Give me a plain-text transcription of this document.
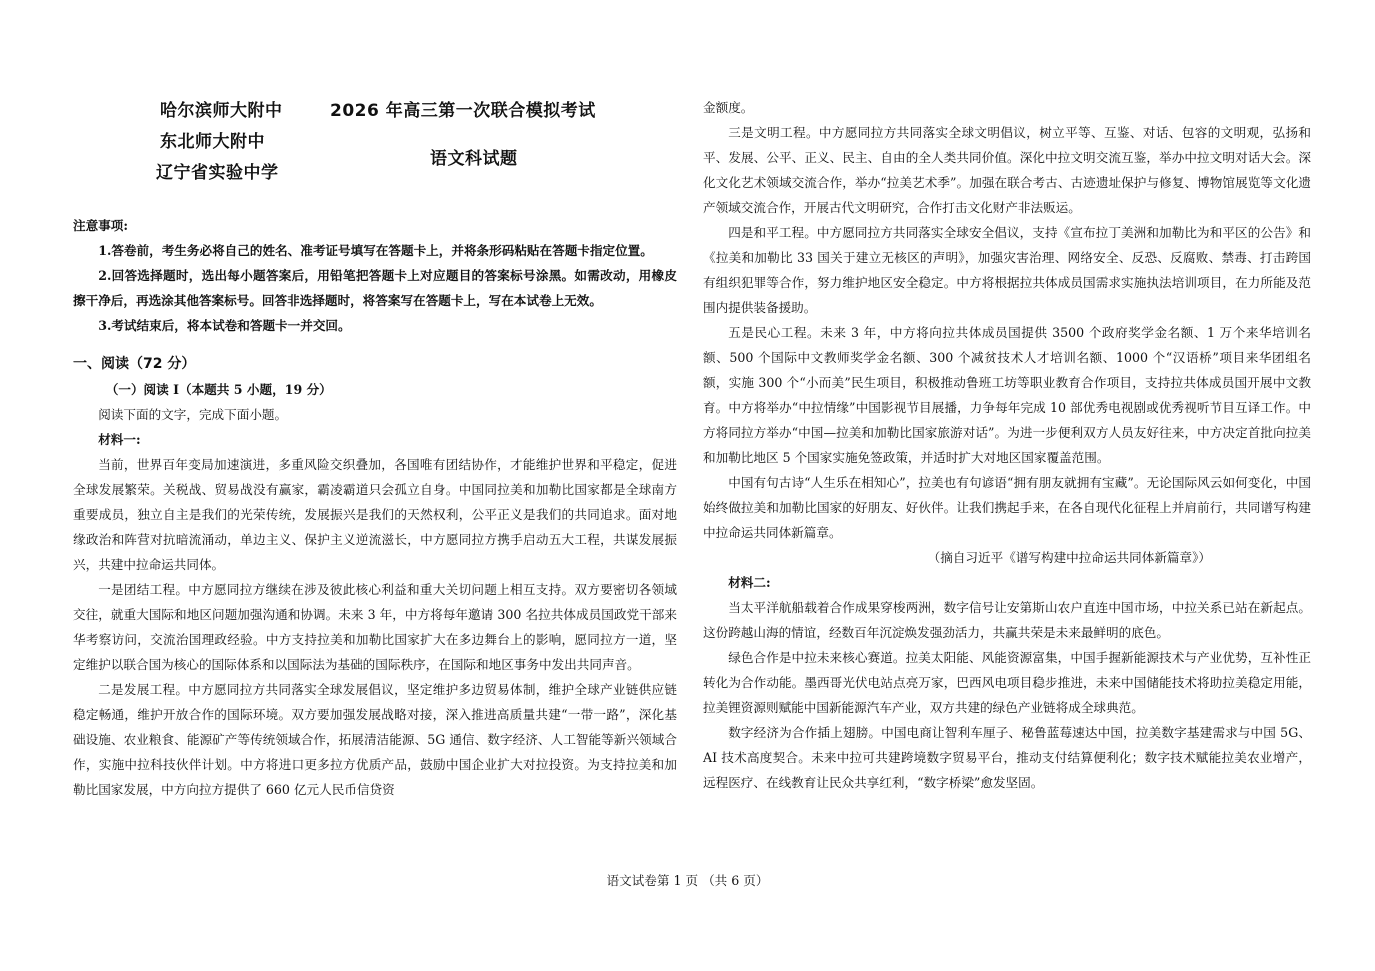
哈尔滨师大附中
东北师大附中
辽宁省实验中学
2026 年高三第一次联合模拟考试
语文科试题

注意事项:

1.答卷前，考生务必将自己的姓名、准考证号填写在答题卡上，并将条形码粘贴在答题卡指定位置。

2.回答选择题时，选出每小题答案后，用铅笔把答题卡上对应题目的答案标号涂黑。如需改动，用橡皮擦干净后，再选涂其他答案标号。回答非选择题时，将答案写在答题卡上，写在本试卷上无效。

3.考试结束后，将本试卷和答题卡一并交回。

一、阅读（72 分）

（一）阅读 I（本题共 5 小题，19 分）

阅读下面的文字，完成下面小题。

材料一:

当前，世界百年变局加速演进，多重风险交织叠加，各国唯有团结协作，才能维护世界和平稳定，促进全球发展繁荣。关税战、贸易战没有赢家，霸凌霸道只会孤立自身。中国同拉美和加勒比国家都是全球南方重要成员，独立自主是我们的光荣传统，发展振兴是我们的天然权利，公平正义是我们的共同追求。面对地缘政治和阵营对抗暗流涌动，单边主义、保护主义逆流滋长，中方愿同拉方携手启动五大工程，共谋发展振兴，共建中拉命运共同体。

一是团结工程。中方愿同拉方继续在涉及彼此核心利益和重大关切问题上相互支持。双方要密切各领域交往，就重大国际和地区问题加强沟通和协调。未来 3 年，中方将每年邀请 300 名拉共体成员国政党干部来华考察访问，交流治国理政经验。中方支持拉美和加勒比国家扩大在多边舞台上的影响，愿同拉方一道，坚定维护以联合国为核心的国际体系和以国际法为基础的国际秩序，在国际和地区事务中发出共同声音。

二是发展工程。中方愿同拉方共同落实全球发展倡议，坚定维护多边贸易体制，维护全球产业链供应链稳定畅通，维护开放合作的国际环境。双方要加强发展战略对接，深入推进高质量共建“一带一路”，深化基础设施、农业粮食、能源矿产等传统领域合作，拓展清洁能源、5G 通信、数字经济、人工智能等新兴领域合作，实施中拉科技伙伴计划。中方将进口更多拉方优质产品，鼓励中国企业扩大对拉投资。为支持拉美和加勒比国家发展，中方向拉方提供了 660 亿元人民币信贷资

金额度。

三是文明工程。中方愿同拉方共同落实全球文明倡议，树立平等、互鉴、对话、包容的文明观，弘扬和平、发展、公平、正义、民主、自由的全人类共同价值。深化中拉文明交流互鉴，举办中拉文明对话大会。深化文化艺术领域交流合作，举办“拉美艺术季”。加强在联合考古、古迹遗址保护与修复、博物馆展览等文化遗产领域交流合作，开展古代文明研究，合作打击文化财产非法贩运。

四是和平工程。中方愿同拉方共同落实全球安全倡议，支持《宣布拉丁美洲和加勒比为和平区的公告》和《拉美和加勒比 33 国关于建立无核区的声明》，加强灾害治理、网络安全、反恐、反腐败、禁毒、打击跨国有组织犯罪等合作，努力维护地区安全稳定。中方将根据拉共体成员国需求实施执法培训项目，在力所能及范围内提供装备援助。

五是民心工程。未来 3 年，中方将向拉共体成员国提供 3500 个政府奖学金名额、1 万个来华培训名额、500 个国际中文教师奖学金名额、300 个减贫技术人才培训名额、1000 个“汉语桥”项目来华团组名额，实施 300 个“小而美”民生项目，积极推动鲁班工坊等职业教育合作项目，支持拉共体成员国开展中文教育。中方将举办“中拉情缘”中国影视节目展播，力争每年完成 10 部优秀电视剧或优秀视听节目互译工作。中方将同拉方举办“中国—拉美和加勒比国家旅游对话”。为进一步便利双方人员友好往来，中方决定首批向拉美和加勒比地区 5 个国家实施免签政策，并适时扩大对地区国家覆盖范围。

中国有句古诗“人生乐在相知心”，拉美也有句谚语“拥有朋友就拥有宝藏”。无论国际风云如何变化，中国始终做拉美和加勒比国家的好朋友、好伙伴。让我们携起手来，在各自现代化征程上并肩前行，共同谱写构建中拉命运共同体新篇章。

（摘自习近平《谱写构建中拉命运共同体新篇章》）

材料二:

当太平洋航船载着合作成果穿梭两洲，数字信号让安第斯山农户直连中国市场，中拉关系已站在新起点。这份跨越山海的情谊，经数百年沉淀焕发强劲活力，共赢共荣是未来最鲜明的底色。

绿色合作是中拉未来核心赛道。拉美太阳能、风能资源富集，中国手握新能源技术与产业优势，互补性正转化为合作动能。墨西哥光伏电站点亮万家，巴西风电项目稳步推进，未来中国储能技术将助拉美稳定用能，拉美锂资源则赋能中国新能源汽车产业，双方共建的绿色产业链将成全球典范。

数字经济为合作插上翅膀。中国电商让智利车厘子、秘鲁蓝莓速达中国，拉美数字基建需求与中国 5G、AI 技术高度契合。未来中拉可共建跨境数字贸易平台，推动支付结算便利化；数字技术赋能拉美农业增产，远程医疗、在线教育让民众共享红利，“数字桥梁”愈发坚固。

语文试卷第 1 页 （共 6 页）
